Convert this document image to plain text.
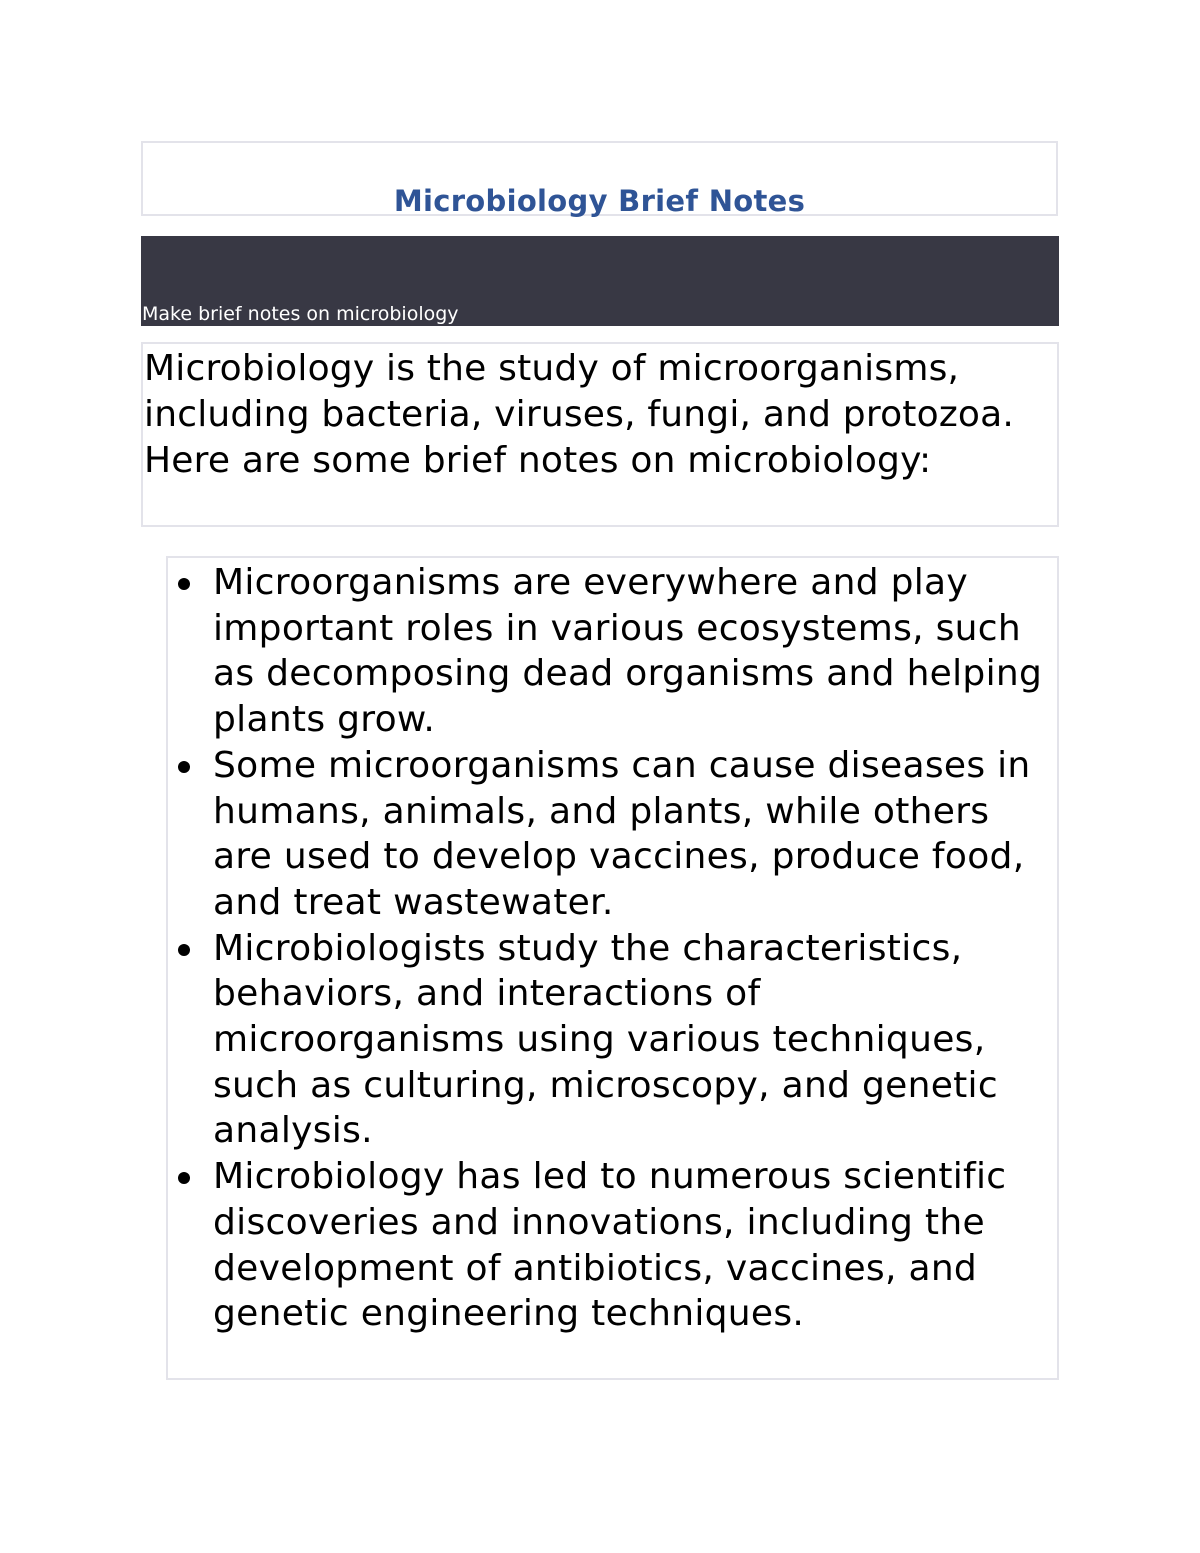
Microbiology Brief Notes
Make brief notes on microbiology

Microbiology is the study of microorganisms, including bacteria, viruses, fungi, and protozoa. Here are some brief notes on microbiology:

Microorganisms are everywhere and play important roles in various ecosystems, such as decomposing dead organisms and helping plants grow.
Some microorganisms can cause diseases in humans, animals, and plants, while others are used to develop vaccines, produce food, and treat wastewater.
Microbiologists study the characteristics, behaviors, and interactions of microorganisms using various techniques, such as culturing, microscopy, and genetic analysis.
Microbiology has led to numerous scientific discoveries and innovations, including the development of antibiotics, vaccines, and genetic engineering techniques.
